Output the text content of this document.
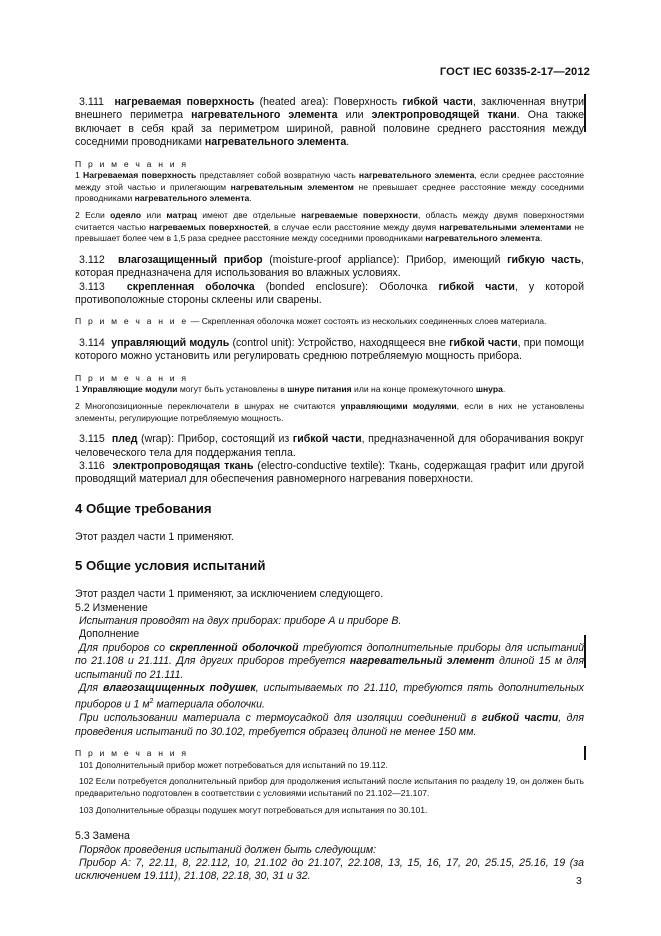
ГОСТ IEC 60335-2-17—2012

3.111 нагреваемая поверхность (heated area): Поверхность гибкой части, заключенная внутри внешнего периметра нагревательного элемента или электропроводящей ткани. Она также включает в себя край за периметром шириной, равной половине среднего расстояния между соседними проводниками нагревательного элемента.

П р и м е ч а н и я

1 Нагреваемая поверхность представляет собой возвратную часть нагревательного элемента, если среднее расстояние между этой частью и прилегающим нагревательным элементом не превышает среднее расстояние между соседними проводниками нагревательного элемента.

2 Если одеяло или матрац имеют две отдельные нагреваемые поверхности, область между двумя поверхностями считается частью нагреваемых поверхностей, в случае если расстояние между двумя нагревательными элементами не превышает более чем в 1,5 раза среднее расстояние между соседними проводниками нагревательного элемента.

3.112 влагозащищенный прибор (moisture-proof appliance): Прибор, имеющий гибкую часть, которая предназначена для использования во влажных условиях.

3.113 скрепленная оболочка (bonded enclosure): Оболочка гибкой части, у которой противоположные стороны склеены или сварены.

П р и м е ч а н и е — Скрепленная оболочка может состоять из нескольких соединенных слоев материала.

3.114 управляющий модуль (control unit): Устройство, находящееся вне гибкой части, при помощи которого можно установить или регулировать среднюю потребляемую мощность прибора.

П р и м е ч а н и я

1 Управляющие модули могут быть установлены в шнуре питания или на конце промежуточного шнура.

2 Многопозиционные переключатели в шнурах не считаются управляющими модулями, если в них не установлены элементы, регулирующие потребляемую мощность.

3.115 плед (wrap): Прибор, состоящий из гибкой части, предназначенной для оборачивания вокруг человеческого тела для поддержания тепла.

3.116 электропроводящая ткань (electro-conductive textile): Ткань, содержащая графит или другой проводящий материал для обеспечения равномерного нагревания поверхности.

4 Общие требования

Этот раздел части 1 применяют.

5 Общие условия испытаний

Этот раздел части 1 применяют, за исключением следующего.

5.2 Изменение

Испытания проводят на двух приборах: приборе А и приборе В.

Дополнение

Для приборов со скрепленной оболочкой требуются дополнительные приборы для испытаний по 21.108 и 21.111. Для других приборов требуется нагревательный элемент длиной 15 м для испытаний по 21.111.

Для влагозащищенных подушек, испытываемых по 21.110, требуются пять дополнительных приборов и 1 $м^2$ материала оболочки.

При использовании материала с термоусадкой для изоляции соединений в гибкой части, для проведения испытаний по 30.102, требуется образец длиной не менее 150 мм.

П р и м е ч а н и я

101 Дополнительный прибор может потребоваться для испытаний по 19.112.

102 Если потребуется дополнительный прибор для продолжения испытаний после испытания по разделу 19, он должен быть предварительно подготовлен в соответствии с условиями испытаний по 21.102—21.107.

103 Дополнительные образцы подушек могут потребоваться для испытания по 30.101.

5.3 Замена

Порядок проведения испытаний должен быть следующим:

Прибор А: 7, 22.11, 8, 22.112, 10, 21.102 до 21.107, 22.108, 13, 15, 16, 17, 20, 25.15, 25.16, 19 (за исключением 19.111), 21.108, 22.18, 30, 31 и 32.	3
